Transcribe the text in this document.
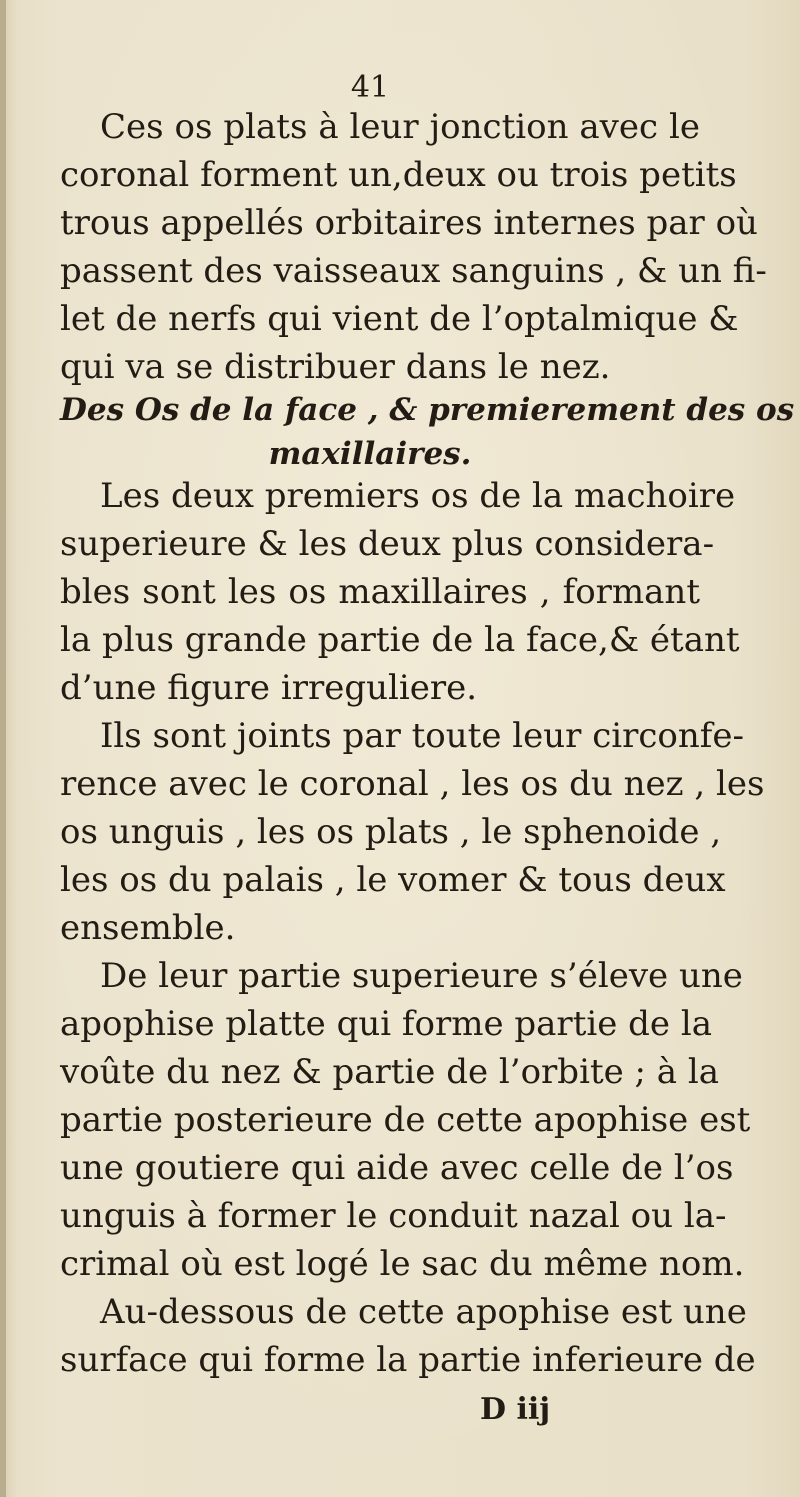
41
Ces os plats à leur jonction avec le
coronal forment un,deux ou trois petits
trous appellés orbitaires internes par où
passent des vaisseaux sanguins , & un fi-
let de nerfs qui vient de l’optalmique &
qui va se distribuer dans le nez.
Des Os de la face , & premierement des os
maxillaires.
Les deux premiers os de la machoire
superieure & les deux plus considera-
bles sont les os maxillaires , formant
la plus grande partie de la face,& étant
d’une figure irreguliere.
Ils sont joints par toute leur circonfe-
rence avec le coronal , les os du nez , les
os unguis , les os plats , le sphenoide ,
les os du palais , le vomer & tous deux
ensemble.
De leur partie superieure s’éleve une
apophise platte qui forme partie de la
voûte du nez & partie de l’orbite ; à la
partie posterieure de cette apophise est
une goutiere qui aide avec celle de l’os
unguis à former le conduit nazal ou la-
crimal où est logé le sac du même nom.
Au-dessous de cette apophise est une
surface qui forme la partie inferieure de
D iij
